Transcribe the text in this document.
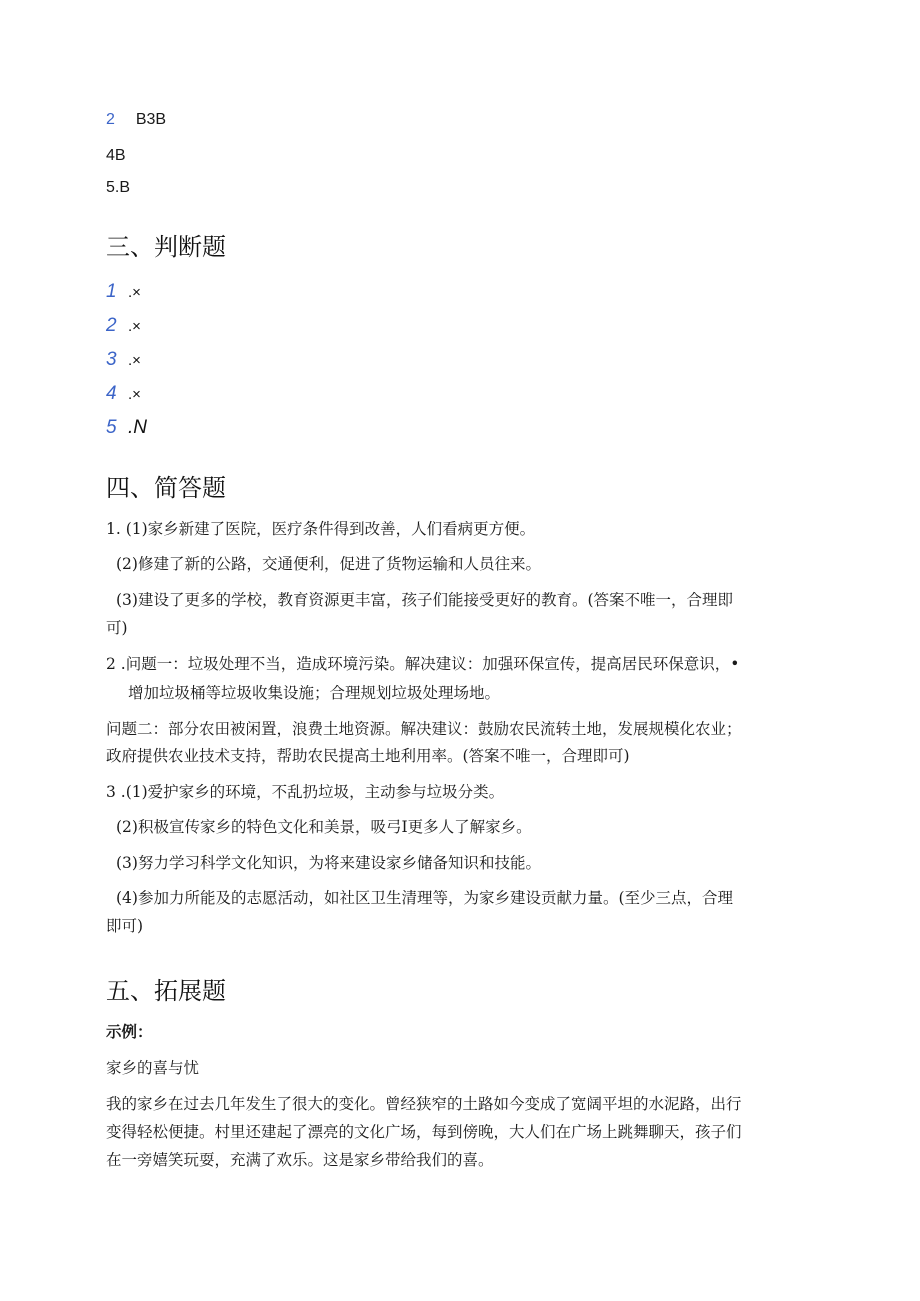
2 B3B
4B
5.B
三、判断题
1 .×
2 .×
3 .×
4 .×
5 .N
四、简答题
1. (1)家乡新建了医院，医疗条件得到改善，人们看病更方便。
(2)修建了新的公路，交通便利，促进了货物运输和人员往来。
(3)建设了更多的学校，教育资源更丰富，孩子们能接受更好的教育。(答案不唯一，合理即
可)
2 .问题一：垃圾处理不当，造成环境污染。解决建议：加强环保宣传，提高居民环保意识，•
增加垃圾桶等垃圾收集设施；合理规划垃圾处理场地。
问题二：部分农田被闲置，浪费土地资源。解决建议：鼓励农民流转土地，发展规模化农业；
政府提供农业技术支持，帮助农民提高土地利用率。(答案不唯一，合理即可)
3 .(1)爱护家乡的环境，不乱扔垃圾，主动参与垃圾分类。
(2)积极宣传家乡的特色文化和美景，吸弓I更多人了解家乡。
(3)努力学习科学文化知识，为将来建设家乡储备知识和技能。
(4)参加力所能及的志愿活动，如社区卫生清理等，为家乡建设贡献力量。(至少三点，合理
即可)
五、拓展题
示例：
家乡的喜与忧
我的家乡在过去几年发生了很大的变化。曾经狭窄的土路如今变成了宽阔平坦的水泥路，出行
变得轻松便捷。村里还建起了漂亮的文化广场，每到傍晚，大人们在广场上跳舞聊天，孩子们
在一旁嬉笑玩耍，充满了欢乐。这是家乡带给我们的喜。
